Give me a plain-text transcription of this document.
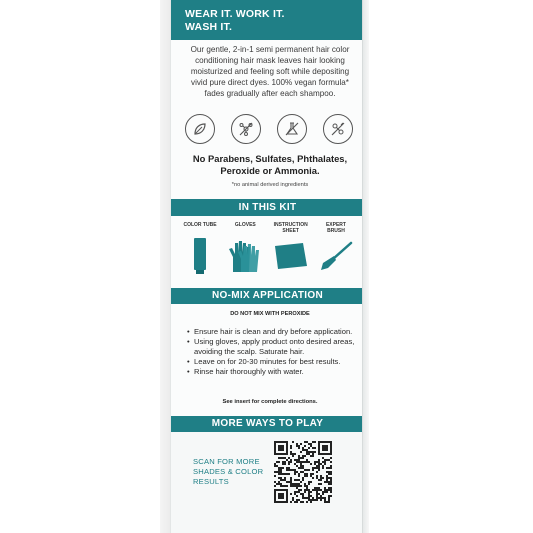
WEAR IT. WORK IT.
WASH IT.
Our gentle, 2-in-1 semi permanent hair color conditioning hair mask leaves hair looking moisturized and feeling soft while depositing vivid pure direct dyes. 100% vegan formula* fades gradually after each shampoo.
No Parabens, Sulfates, Phthalates,
Peroxide or Ammonia.
*no animal derived ingredients
IN THIS KIT
COLOR TUBE	GLOVES	INSTRUCTION
SHEET
EXPERT
BRUSH
NO-MIX APPLICATION
DO NOT MIX WITH PEROXIDE
• Ensure hair is clean and dry before application.
• Using gloves, apply product onto desired areas, avoiding the scalp. Saturate hair.
• Leave on for 20-30 minutes for best results.
• Rinse hair thoroughly with water.
See insert for complete directions.
MORE WAYS TO PLAY
SCAN FOR MORE
SHADES & COLOR
RESULTS
